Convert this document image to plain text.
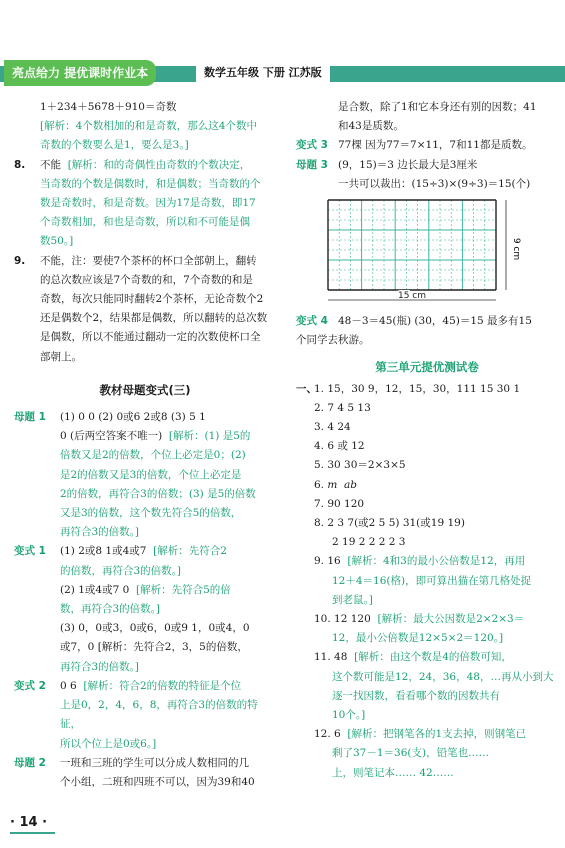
亮点给力 提优课时作业本	数学五年级 下册 江苏版

1＋234＋5678＋910＝奇数

[解析：4个数相加的和是奇数，那么这4个数中

奇数的个数要么是1，要么是3。]

8. 不能 [解析：和的奇偶性由奇数的个数决定，

当奇数的个数是偶数时，和是偶数；当奇数的个

数是奇数时，和是奇数。因为17是奇数，即17

个奇数相加，和也是奇数，所以和不可能是偶

数50。]

9. 不能，注：要使7个茶杯的杯口全部朝上，翻转

的总次数应该是7个奇数的和，7个奇数的和是

奇数，每次只能同时翻转2个茶杯，无论奇数个2

还是偶数个2，结果都是偶数，所以翻转的总次数

是偶数，所以不能通过翻动一定的次数使杯口全

部朝上。

教材母题变式(三)

母题 1 (1) 0 0 (2) 0或6 2或8 (3) 5 1

0 (后两空答案不唯一) [解析：(1) 是5的

倍数又是2的倍数，个位上必定是0；(2)

是2的倍数又是3的倍数，个位上必定是

2的倍数，再符合3的倍数；(3) 是5的倍数

又是3的倍数，这个数先符合5的倍数，

再符合3的倍数。]

变式 1 (1) 2或8 1或4或7 [解析：先符合2

的倍数，再符合3的倍数。]

(2) 1或4或7 0 [解析：先符合5的倍

数，再符合3的倍数。]

(3) 0，0或3，0或6，0或9 1，0或4，0

或7，0 [解析：先符合2，3，5的倍数，

再符合3的倍数。]

变式 2 0 6 [解析：符合2的倍数的特征是个位

上是0，2，4，6，8，再符合3的倍数的特征，

所以个位上是0或6。]

母题 2 一班和三班的学生可以分成人数相同的几

个小组，二班和四班不可以，因为39和40

是合数，除了1和它本身还有别的因数；41

和43是质数。

变式 3 77棵 因为77＝7×11，7和11都是质数。

母题 3 (9，15)＝3 边长最大是3厘米

一共可以裁出：(15÷3)×(9÷3)＝15(个)

9 cm
15 cm

变式 4 48－3＝45(瓶) (30，45)＝15 最多有15

个同学去秋游。

第三单元提优测试卷

一、1. 15，30 9，12，15，30，111 15 30 1

2. 7 4 5 13

3. 4 24

4. 6 或 12

5. 30 30＝2×3×5

6. m ab

7. 90 120

8. 2 3 7(或2 5 5) 31(或19 19)

2 19 2 2 2 2 3

9. 16 [解析：4和3的最小公倍数是12，再用

12＋4＝16(格)，即可算出猫在第几格处捉

到老鼠。]

10. 12 120 [解析：最大公因数是2×2×3＝

12，最小公倍数是12×5×2＝120。]

11. 48 [解析：由这个数是4的倍数可知，

这个数可能是12，24，36，48，…再从小到大

逐一找因数，看看哪个数的因数共有

10个。]

12. 6 [解析：把钢笔各的1支去掉，则钢笔已

剩了37－1＝36(支)，铅笔也……

上，则笔记本…… 42……

· 14 ·
